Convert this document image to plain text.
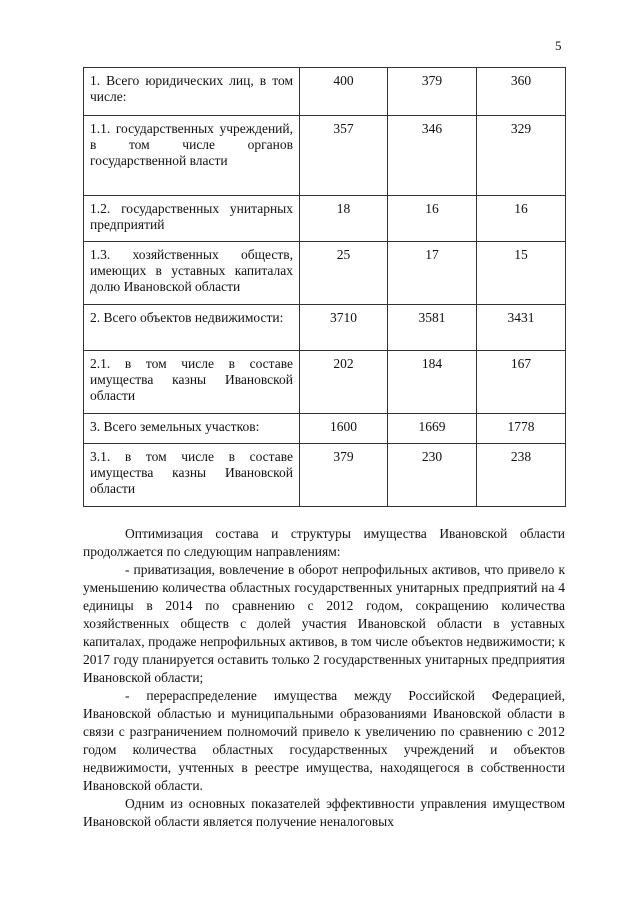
5
1. Всего юридических лиц, в том числе:	400	379	360
1.1. государственных учреждений, в том числе органов государственной власти	357	346	329
1.2. государственных унитарных предприятий	18	16	16
1.3. хозяйственных обществ, имеющих в уставных капиталах долю Ивановской области	25	17	15
2. Всего объектов недвижимости:	3710	3581	3431
2.1. в том числе в составе имущества казны Ивановской области	202	184	167
3. Всего земельных участков:	1600	1669	1778
3.1. в том числе в составе имущества казны Ивановской области	379	230	238

Оптимизация состава и структуры имущества Ивановской области продолжается по следующим направлениям:

- приватизация, вовлечение в оборот непрофильных активов, что привело к уменьшению количества областных государственных унитарных предприятий на 4 единицы в 2014 по сравнению с 2012 годом, сокращению количества хозяйственных обществ с долей участия Ивановской области в уставных капиталах, продаже непрофильных активов, в том числе объектов недвижимости; к 2017 году планируется оставить только 2 государственных унитарных предприятия Ивановской области;

- перераспределение имущества между Российской Федерацией, Ивановской областью и муниципальными образованиями Ивановской области в связи с разграничением полномочий привело к увеличению по сравнению с 2012 годом количества областных государственных учреждений и объектов недвижимости, учтенных в реестре имущества, находящегося в собственности Ивановской области.

Одним из основных показателей эффективности управления имуществом Ивановской области является получение неналоговых
